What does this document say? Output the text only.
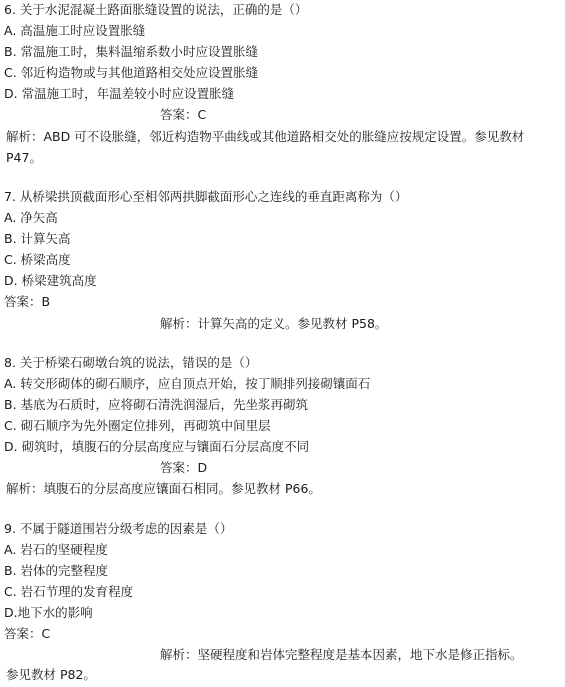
6. 关于水泥混凝土路面胀缝设置的说法，正确的是（）
A. 高温施工时应设置胀缝
B. 常温施工时，集料温缩系数小时应设置胀缝
C. 邻近构造物或与其他道路相交处应设置胀缝
D. 常温施工时，年温差较小时应设置胀缝
答案：C
解析：ABD 可不设胀缝，邻近构造物平曲线或其他道路相交处的胀缝应按规定设置。参见教材 P47。
7. 从桥梁拱顶截面形心至相邻两拱脚截面形心之连线的垂直距离称为（）
A. 净矢高
B. 计算矢高
C. 桥梁高度
D. 桥梁建筑高度
答案：B
解析：计算矢高的定义。参见教材 P58。
8. 关于桥梁石砌墩台筑的说法，错误的是（）
A. 转交形砌体的砌石顺序，应自顶点开始，按丁顺排列接砌镶面石
B. 基底为石质时，应将砌石清洗润湿后，先坐浆再砌筑
C. 砌石顺序为先外圈定位排列，再砌筑中间里层
D. 砌筑时，填腹石的分层高度应与镶面石分层高度不同
答案：D
解析：填腹石的分层高度应镶面石相同。参见教材 P66。
9. 不属于隧道围岩分级考虑的因素是（）
A. 岩石的坚硬程度
B. 岩体的完整程度
C. 岩石节理的发育程度
D.地下水的影响
答案：C
解析：坚硬程度和岩体完整程度是基本因素，地下水是修正指标。
参见教材 P82。
